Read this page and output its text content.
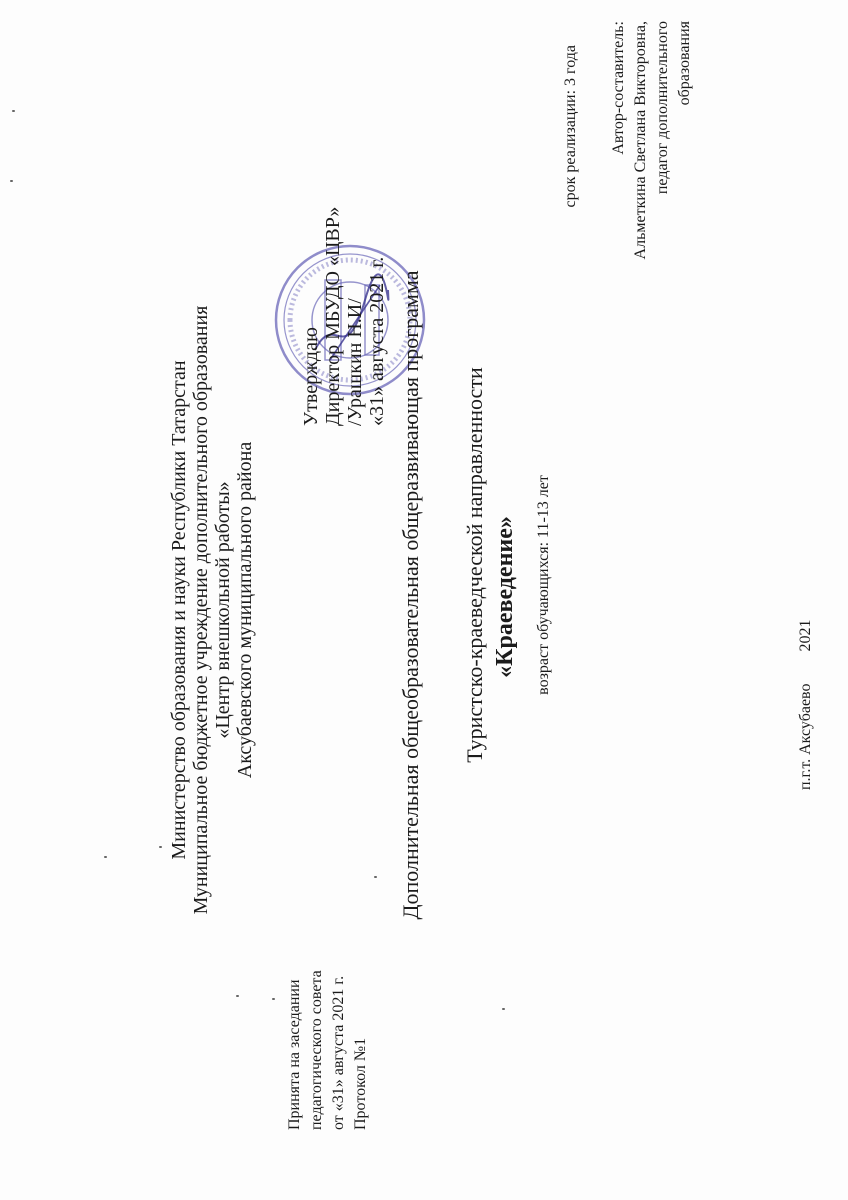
Министерство образования и науки Республики Татарстан Муниципальное бюджетное учреждение дополнительного образования «Центр внешкольной работы» Аксубаевского муниципального района
Утверждаю Директор МБУДО «ЦВР» /Урашкин Н.И/ «31» августа 2021 г.
Принята на заседании педагогического совета от «31» августа 2021 г. Протокол №1
Дополнительная общеобразовательная общеразвивающая программа Туристско-краеведческой направленности «Краеведение»	возраст обучающихся: 11-13 лет
срок реализации: 3 года	Автор-составитель: Альметкина Светлана Викторовна, педагог дополнительного образования
п.г.т. Аксубаево  2021
